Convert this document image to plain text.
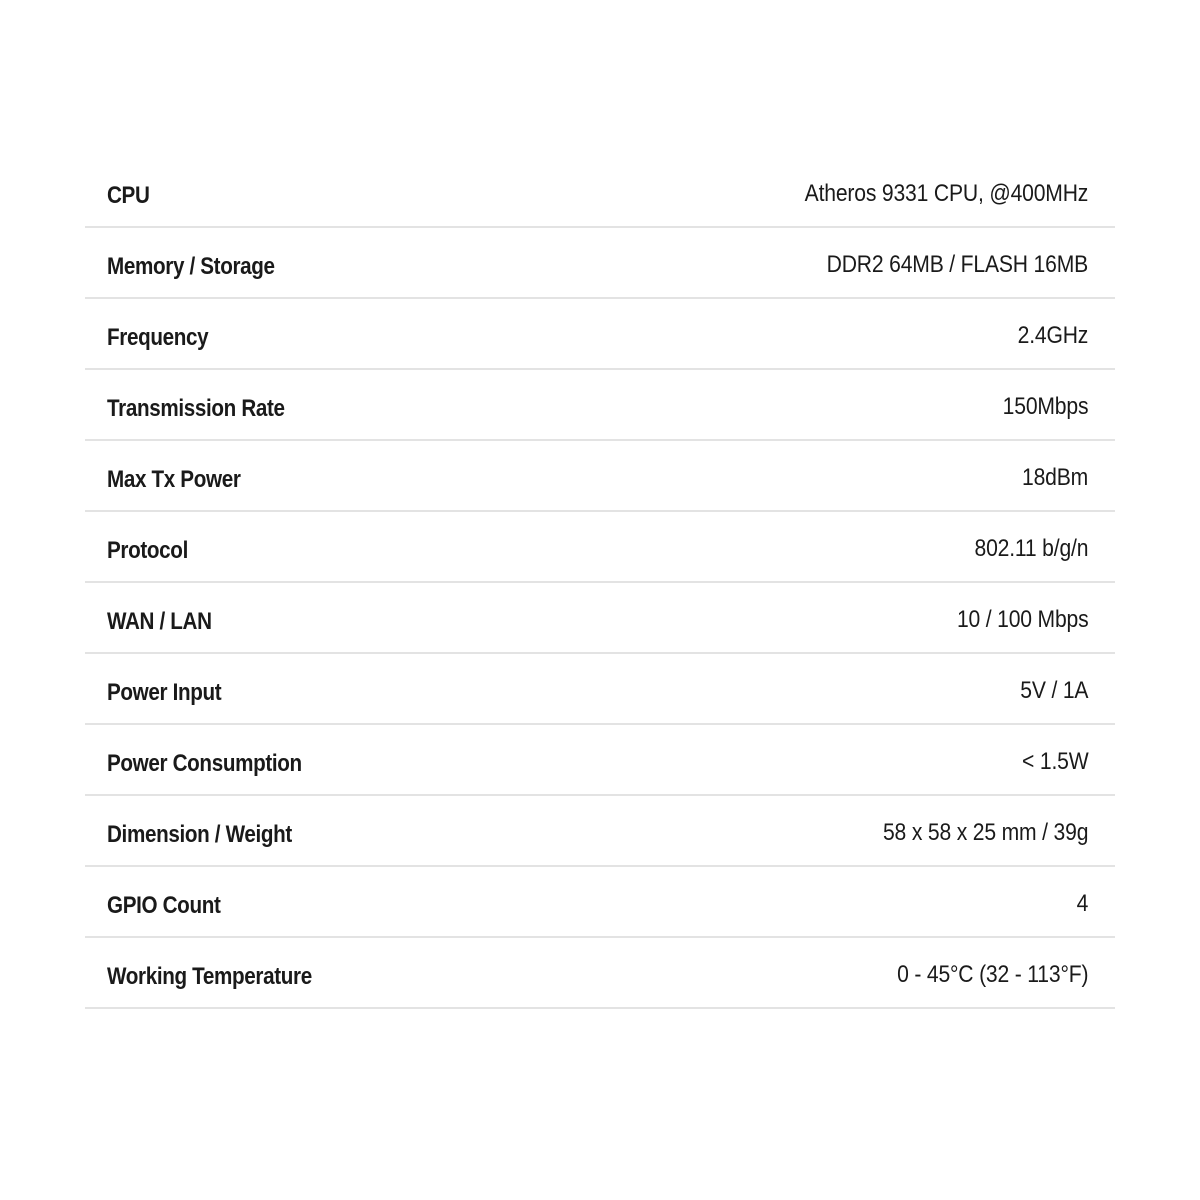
CPU	Atheros 9331 CPU, @400MHz
Memory / Storage	DDR2 64MB / FLASH 16MB
Frequency	2.4GHz
Transmission Rate	150Mbps
Max Tx Power	18dBm
Protocol	802.11 b/g/n
WAN / LAN	10 / 100 Mbps
Power Input	5V / 1A
Power Consumption	< 1.5W
Dimension / Weight	58 x 58 x 25 mm / 39g
GPIO Count	4
Working Temperature	0 - 45°C (32 - 113°F)
